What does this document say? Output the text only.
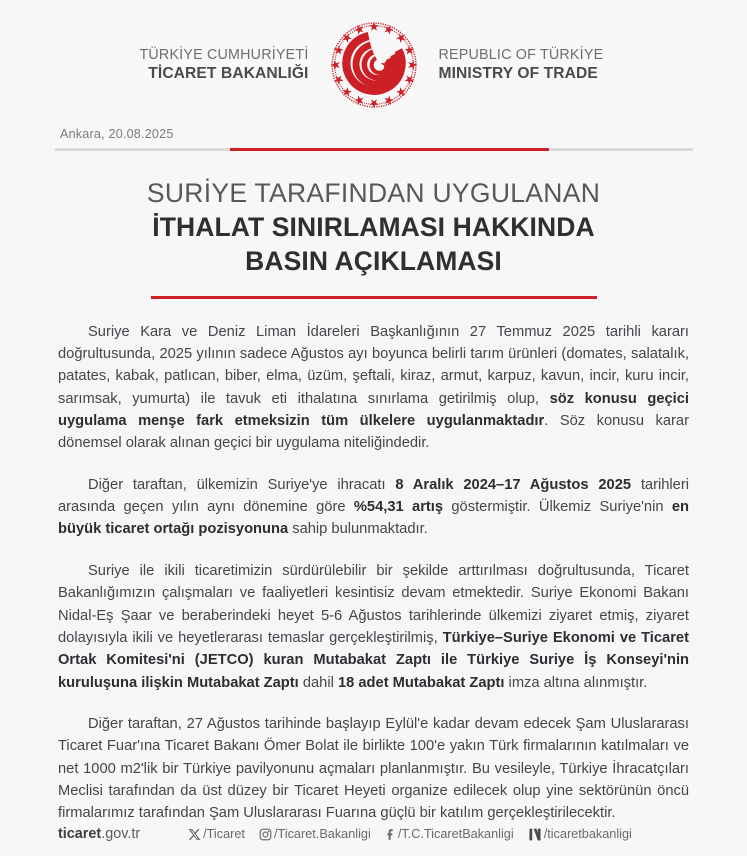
TÜRKİYE CUMHURİYETİ
TİCARET BAKANLIĞI
REPUBLIC OF TÜRKİYE
MINISTRY OF TRADE
Ankara, 20.08.2025
SURİYE TARAFINDAN UYGULANAN
İTHALAT SINIRLAMASI HAKKINDA
BASIN AÇIKLAMASI

Suriye Kara ve Deniz Liman İdareleri Başkanlığının 27 Temmuz 2025 tarihli kararı doğrultusunda, 2025 yılının sadece Ağustos ayı boyunca belirli tarım ürünleri (domates, salatalık, patates, kabak, patlıcan, biber, elma, üzüm, şeftali, kiraz, armut, karpuz, kavun, incir, kuru incir, sarımsak, yumurta) ile tavuk eti ithalatına sınırlama getirilmiş olup, söz konusu geçici uygulama menşe fark etmeksizin tüm ülkelere uygulanmaktadır. Söz konusu karar dönemsel olarak alınan geçici bir uygulama niteliğindedir.

Diğer taraftan, ülkemizin Suriye'ye ihracatı 8 Aralık 2024–17 Ağustos 2025 tarihleri arasında geçen yılın aynı dönemine göre %54,31 artış göstermiştir. Ülkemiz Suriye'nin en büyük ticaret ortağı pozisyonuna sahip bulunmaktadır.

Suriye ile ikili ticaretimizin sürdürülebilir bir şekilde arttırılması doğrultusunda, Ticaret Bakanlığımızın çalışmaları ve faaliyetleri kesintisiz devam etmektedir. Suriye Ekonomi Bakanı Nidal-Eş Şaar ve beraberindeki heyet 5-6 Ağustos tarihlerinde ülkemizi ziyaret etmiş, ziyaret dolayısıyla ikili ve heyetlerarası temaslar gerçekleştirilmiş, Türkiye–Suriye Ekonomi ve Ticaret Ortak Komitesi'ni (JETCO) kuran Mutabakat Zaptı ile Türkiye Suriye İş Konseyi'nin kuruluşuna ilişkin Mutabakat Zaptı dahil 18 adet Mutabakat Zaptı imza altına alınmıştır.

Diğer taraftan, 27 Ağustos tarihinde başlayıp Eylül'e kadar devam edecek Şam Uluslararası Ticaret Fuar'ına Ticaret Bakanı Ömer Bolat ile birlikte 100'e yakın Türk firmalarının katılmaları ve net 1000 m2'lik bir Türkiye pavilyonunu açmaları planlanmıştır. Bu vesileyle, Türkiye İhracatçıları Meclisi tarafından da üst düzey bir Ticaret Heyeti organize edilecek olup yine sektörünün öncü firmalarımız tarafından Şam Uluslararası Fuarına güçlü bir katılım gerçekleştirilecektir.

ticaret.gov.tr	/Ticaret /Ticaret.Bakanligi /T.C.TicaretBakanligi /ticaretbakanligi
